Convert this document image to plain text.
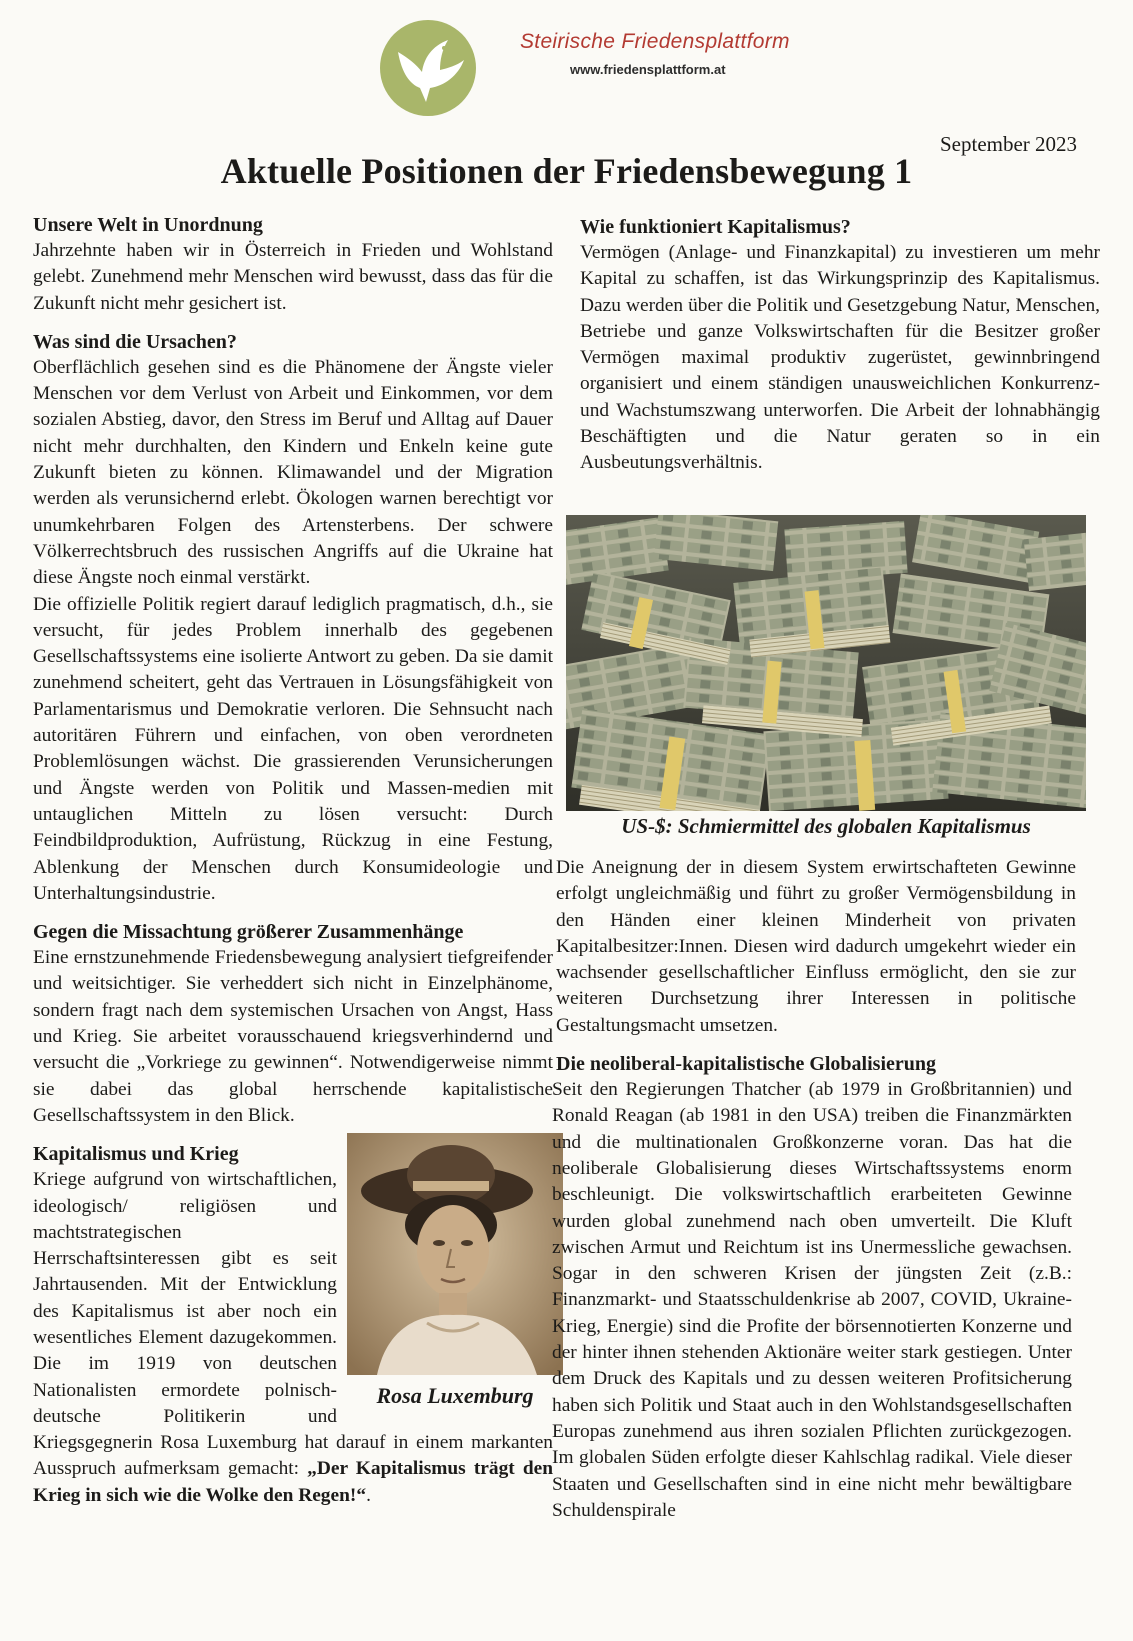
Steirische Friedensplattform
www.friedensplattform.at
September 2023
Aktuelle Positionen der Friedensbewegung 1
Unsere Welt in Unordnung

Jahrzehnte haben wir in Österreich in Frieden und Wohlstand gelebt. Zunehmend mehr Menschen wird bewusst, dass das für die Zukunft nicht mehr gesichert ist.

Was sind die Ursachen?

Oberflächlich gesehen sind es die Phänomene der Ängste vieler Menschen vor dem Verlust von Arbeit und Einkommen, vor dem sozialen Abstieg, davor, den Stress im Beruf und Alltag auf Dauer nicht mehr durchhalten, den Kindern und Enkeln keine gute Zukunft bieten zu können. Klimawandel und der Migration werden als verunsichernd erlebt. Ökologen warnen berechtigt vor unumkehrbaren Folgen des Artensterbens. Der schwere Völkerrechtsbruch des russischen Angriffs auf die Ukraine hat diese Ängste noch einmal verstärkt.

Die offizielle Politik regiert darauf lediglich pragmatisch, d.h., sie versucht, für jedes Problem innerhalb des gegebenen Gesellschaftssystems eine isolierte Antwort zu geben. Da sie damit zunehmend scheitert, geht das Vertrauen in Lösungsfähigkeit von Parlamentarismus und Demokratie verloren. Die Sehnsucht nach autoritären Führern und einfachen, von oben verordneten Problemlösungen wächst. Die grassierenden Verunsicherungen und Ängste werden von Politik und Massen-medien mit untauglichen Mitteln zu lösen versucht: Durch Feindbildproduktion, Aufrüstung, Rückzug in eine Festung, Ablenkung der Menschen durch Konsumideologie und Unterhaltungsindustrie.

Gegen die Missachtung größerer Zusammenhänge

Eine ernstzunehmende Friedensbewegung analysiert tiefgreifender und weitsichtiger. Sie verheddert sich nicht in Einzelphänome, sondern fragt nach dem systemischen Ursachen von Angst, Hass und Krieg. Sie arbeitet vorausschauend kriegsverhindernd und versucht die „Vorkriege zu gewinnen“. Notwendigerweise nimmt sie dabei das global herrschende kapitalistische Gesellschaftssystem in den Blick.

Rosa Luxemburg
Kapitalismus und Krieg

Kriege aufgrund von wirtschaftlichen, ideologisch/ religiösen und machtstrategischen Herrschaftsinteressen gibt es seit Jahrtausenden. Mit der Entwicklung des Kapitalismus ist aber noch ein wesentliches Element dazugekommen. Die im 1919 von deutschen Nationalisten ermordete polnisch-deutsche Politikerin und Kriegsgegnerin Rosa Luxemburg hat darauf in einem markanten Ausspruch aufmerksam gemacht: „Der Kapitalismus trägt den Krieg in sich wie die Wolke den Regen!“.

Wie funktioniert Kapitalismus?

Vermögen (Anlage- und Finanzkapital) zu investieren um mehr Kapital zu schaffen, ist das Wirkungsprinzip des Kapitalismus. Dazu werden über die Politik und Gesetzgebung Natur, Menschen, Betriebe und ganze Volkswirtschaften für die Besitzer großer Vermögen maximal produktiv zugerüstet, gewinnbringend organisiert und einem ständigen unausweichlichen Konkurrenz- und Wachstumszwang unterworfen. Die Arbeit der lohnabhängig Beschäftigten und die Natur geraten so in ein Ausbeutungsverhältnis.

US-$: Schmiermittel des globalen Kapitalismus

Die Aneignung der in diesem System erwirtschafteten Gewinne erfolgt ungleichmäßig und führt zu großer Vermögensbildung in den Händen einer kleinen Minderheit von privaten Kapitalbesitzer:Innen. Diesen wird dadurch umgekehrt wieder ein wachsender gesellschaftlicher Einfluss ermöglicht, den sie zur weiteren Durchsetzung ihrer Interessen in politische Gestaltungsmacht umsetzen.

Die neoliberal-kapitalistische Globalisierung

Seit den Regierungen Thatcher (ab 1979 in Großbritannien) und Ronald Reagan (ab 1981 in den USA) treiben die Finanzmärkten und die multinationalen Großkonzerne voran. Das hat die neoliberale Globalisierung dieses Wirtschaftssystems enorm beschleunigt. Die volkswirtschaftlich erarbeiteten Gewinne wurden global zunehmend nach oben umverteilt. Die Kluft zwischen Armut und Reichtum ist ins Unermessliche gewachsen. Sogar in den schweren Krisen der jüngsten Zeit (z.B.: Finanzmarkt- und Staatsschuldenkrise ab 2007, COVID, Ukraine-Krieg, Energie) sind die Profite der börsennotierten Konzerne und der hinter ihnen stehenden Aktionäre weiter stark gestiegen. Unter dem Druck des Kapitals und zu dessen weiteren Profitsicherung haben sich Politik und Staat auch in den Wohlstandsgesellschaften Europas zunehmend aus ihren sozialen Pflichten zurückgezogen. Im globalen Süden erfolgte dieser Kahlschlag radikal. Viele dieser Staaten und Gesellschaften sind in eine nicht mehr bewältigbare Schuldenspirale
